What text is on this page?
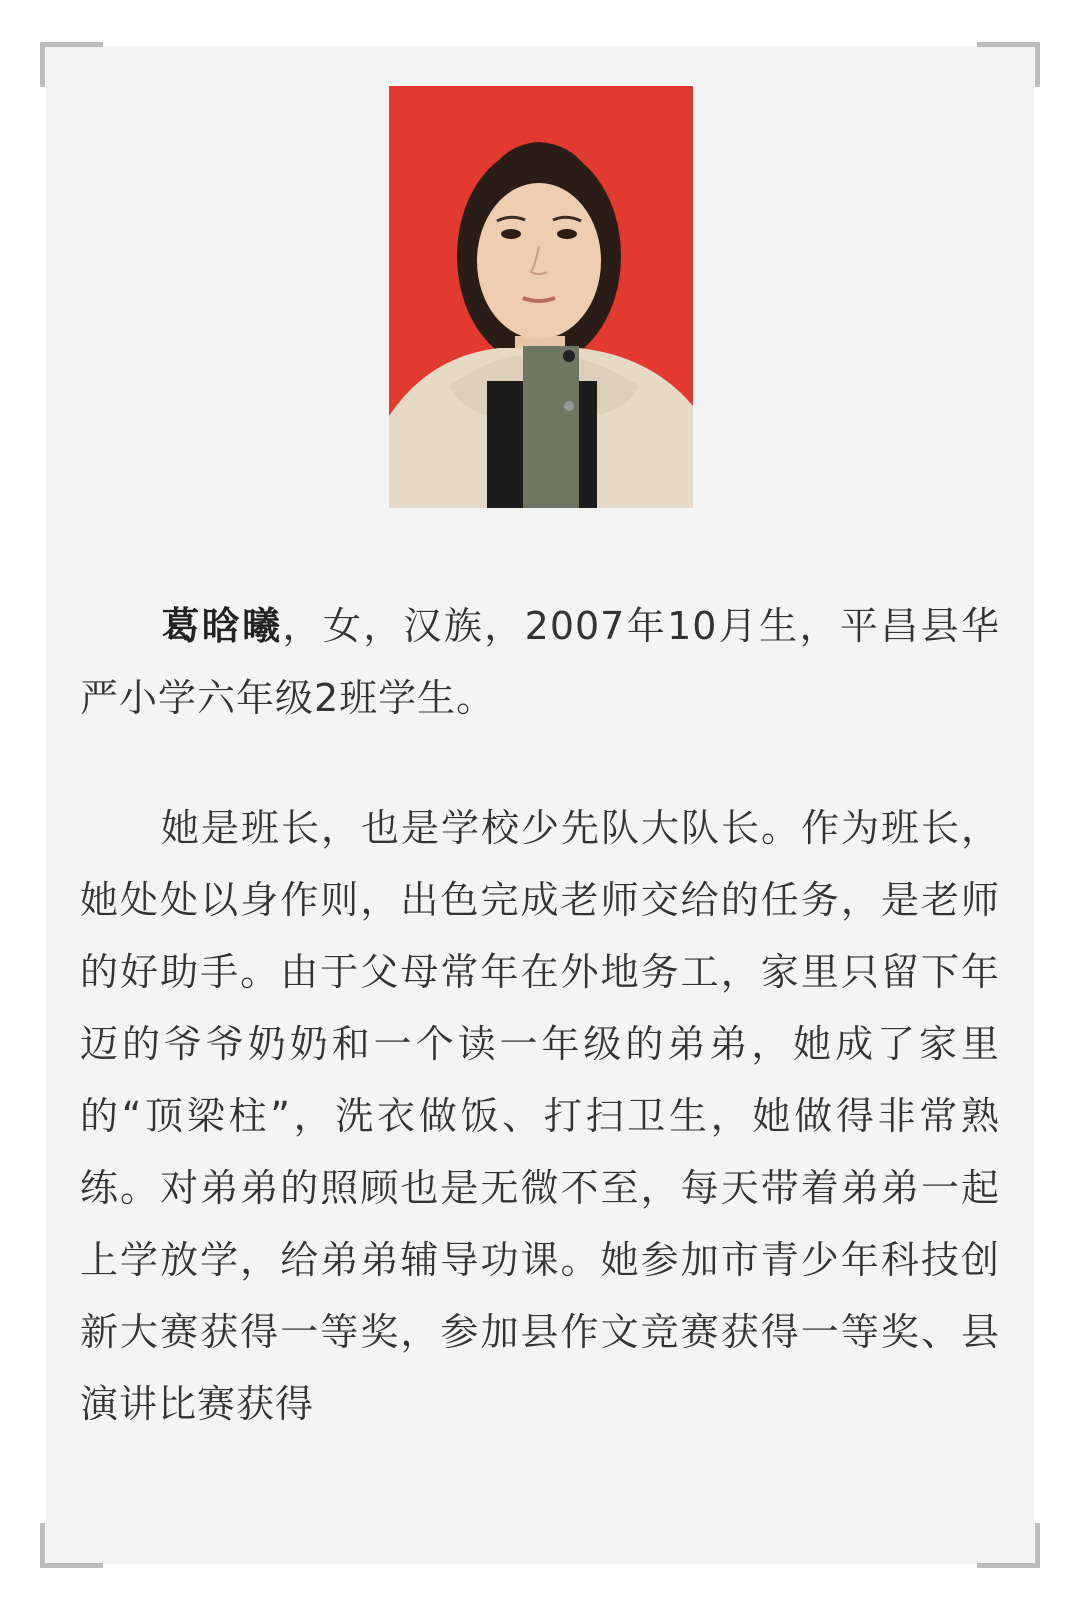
葛晗曦，女，汉族，2007年10月生，平昌县华严小学六年级2班学生。
她是班长，也是学校少先队大队长。作为班长，她处处以身作则，出色完成老师交给的任务，是老师的好助手。由于父母常年在外地务工，家里只留下年迈的爷爷奶奶和一个读一年级的弟弟，她成了家里的“顶梁柱”，洗衣做饭、打扫卫生，她做得非常熟练。对弟弟的照顾也是无微不至，每天带着弟弟一起上学放学，给弟弟辅导功课。她参加市青少年科技创新大赛获得一等奖，参加县作文竞赛获得一等奖、县演讲比赛获得
